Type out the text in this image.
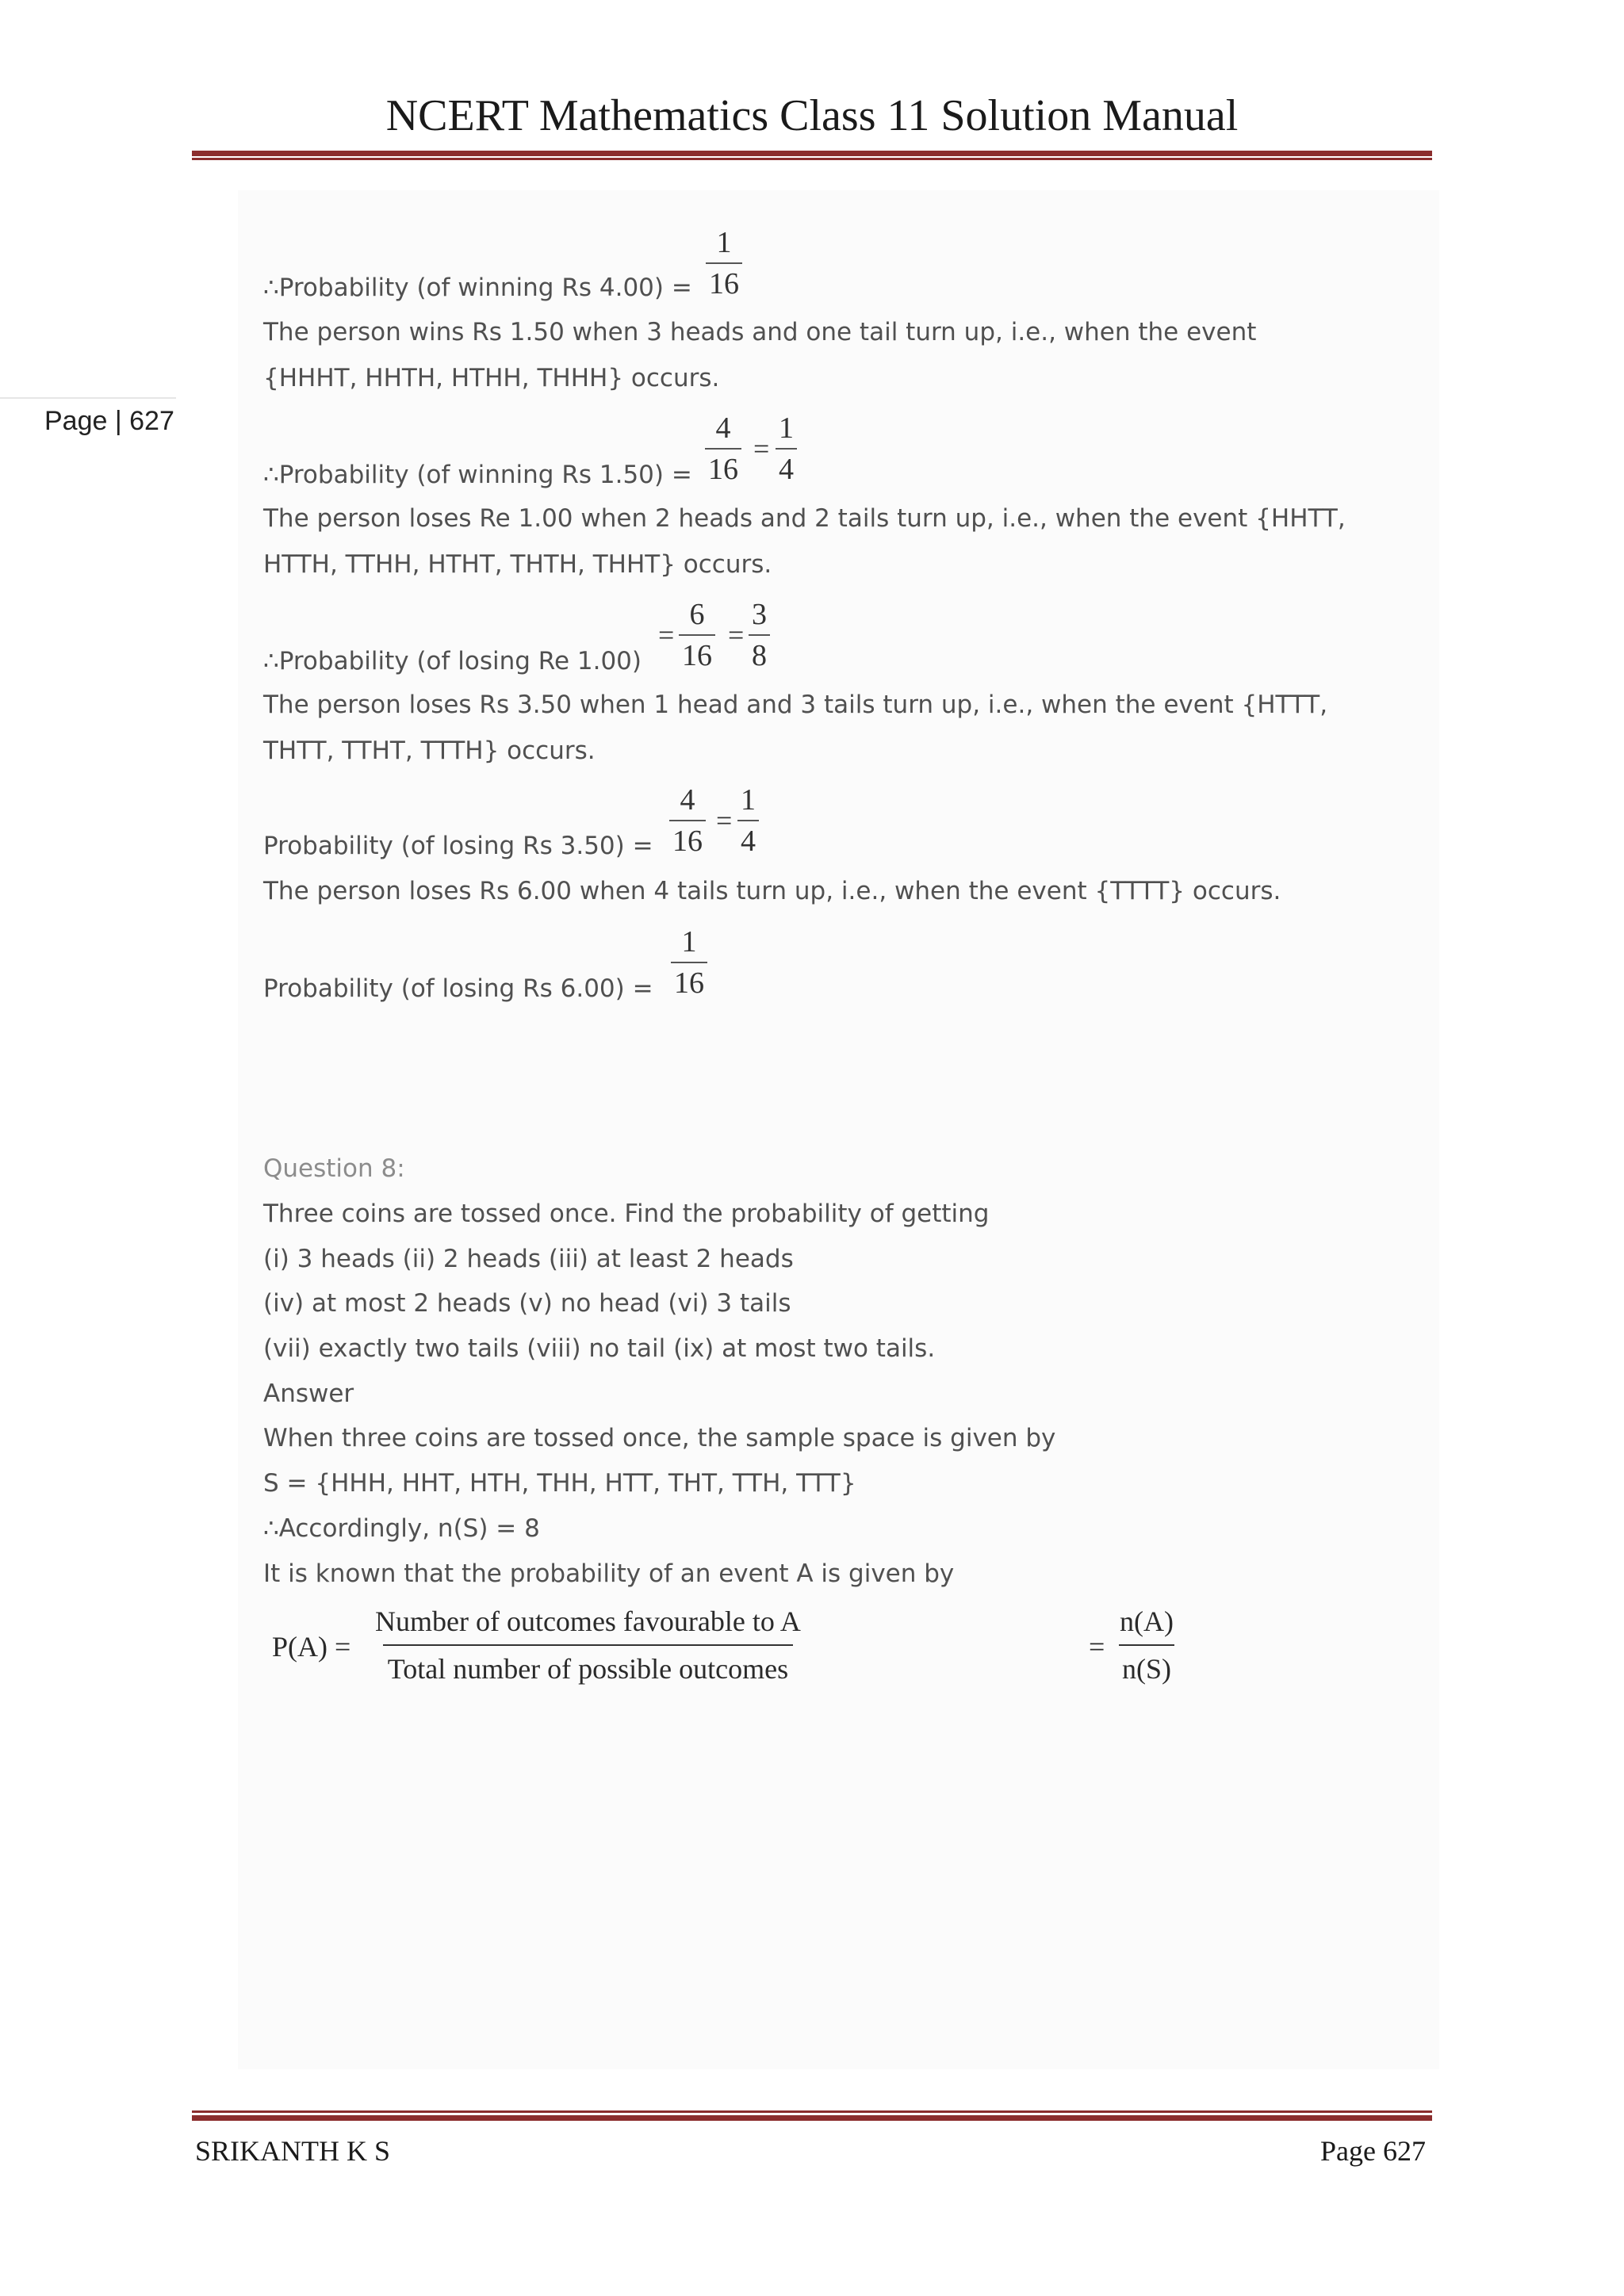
NCERT Mathematics Class 11 Solution Manual
Page | 627
∴Probability (of winning Rs $4.00) = \frac{1}{16}$
The person wins Rs 1.50 when 3 heads and one tail turn up, i.e., when the event
{HHHT, HHTH, HTHH, THHH} occurs.
∴Probability (of winning Rs $1.50) = \frac{4}{16} = \frac{1}{4}$
The person loses Re 1.00 when 2 heads and 2 tails turn up, i.e., when the event {HHTT,
HTTH, TTHH, HTHT, THTH, THHT} occurs.
∴Probability (of losing Re 1.00)
= $\frac{6}{16} = \frac{3}{8}$
The person loses Rs 3.50 when 1 head and 3 tails turn up, i.e., when the event {HTTT,
THTT, TTHT, TTTH} occurs.
Probability (of losing Rs $3.50) = \frac{4}{16} = \frac{1}{4}$
The person loses Rs 6.00 when 4 tails turn up, i.e., when the event {TTTT} occurs.
Probability (of losing Rs $6.00) = \frac{1}{16}$
Question 8:
Three coins are tossed once. Find the probability of getting
(i) 3 heads (ii) 2 heads (iii) at least 2 heads
(iv) at most 2 heads (v) no head (vi) 3 tails
(vii) exactly two tails (viii) no tail (ix) at most two tails.
Answer
When three coins are tossed once, the sample space is given by
S = {HHH, HHT, HTH, THH, HTT, THT, TTH, TTT}
∴Accordingly, n(S) = 8
It is known that the probability of an event A is given by
P(A) =
Number of outcomes favourable to A
Total number of possible outcomes
= $\frac{n(A)}{n(S)}$
SRIKANTH K S	Page 627
